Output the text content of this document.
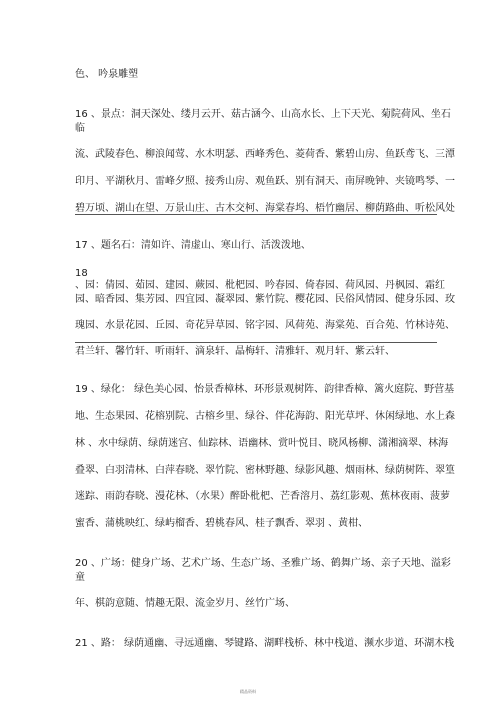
色、 吟泉雕塑
16 、景点：洞天深处、缕月云开、菇古涵今、山高水长、上下天光、菊院荷风、坐石
临
流、武陵春色、柳浪闻莺、水木明瑟、西峰秀色、菱荷香、紫碧山房、鱼跃鸢飞、三潭
印月、平湖秋月、雷峰夕照、接秀山房、观鱼跃、别有洞天、南屏晚钟、夹镜鸣琴、一
碧万顷、湖山在望、万景山庄、古木交柯、海棠春坞、梧竹幽居、柳荫路曲、听松风处
17 、题名石：清如许、清虚山、寒山行、活泼泼地、
18
、园：倩园、茹园、建园、蕨园、枇杷园、吟春园、倚春园、荷风园、丹枫园、霜红
园、暗香园、集芳园、四宜园、凝翠园、紫竹院、樱花园、民俗风情园、健身乐园、玫
瑰园、水景花园、丘园、奇花异草园、铭字园、风荷苑、海棠苑、百合苑、竹林诗苑、
君兰轩、馨竹轩、听雨轩、滴泉轩、晶梅轩、清雅轩、观月轩、紫云轩、
19 、绿化： 绿色美心园、怡景香樟林、环形景观树阵、韵律香樟、篱火庭院、野营基
地、生态果园、花榕别院、古榕乡里、绿谷、伴花海韵、阳光草坪、休闲绿地、水上森
林 、水中绿荫、绿荫迷宫、仙踪林、语幽林、赏叶悦目、晓风杨柳、潇湘滴翠、林海
叠翠、白羽清林、白萍春晓、翠竹院、密林野趣、绿影风趣、烟雨林、绿荫树阵、翠篁
迷踪、雨韵春晓、漫花林、（水果）醉卧枇杷、芒香溶月、荔红影观、蕉林夜雨、菠萝
蜜香、蒲桃映红、绿屿榴香、碧桃春风、桂子飘香、翠羽 、黄柑、
20 、广场：健身广场、艺术广场、生态广场、圣雅广场、鹤舞广场、亲子天地、溢彩
童
年、棋韵意随、情趣无限、流金岁月、丝竹广场、
21 、路： 绿荫通幽、寻远通幽、琴键路、湖畔栈桥、林中栈道、濒水步道、环湖木栈
精品资料
